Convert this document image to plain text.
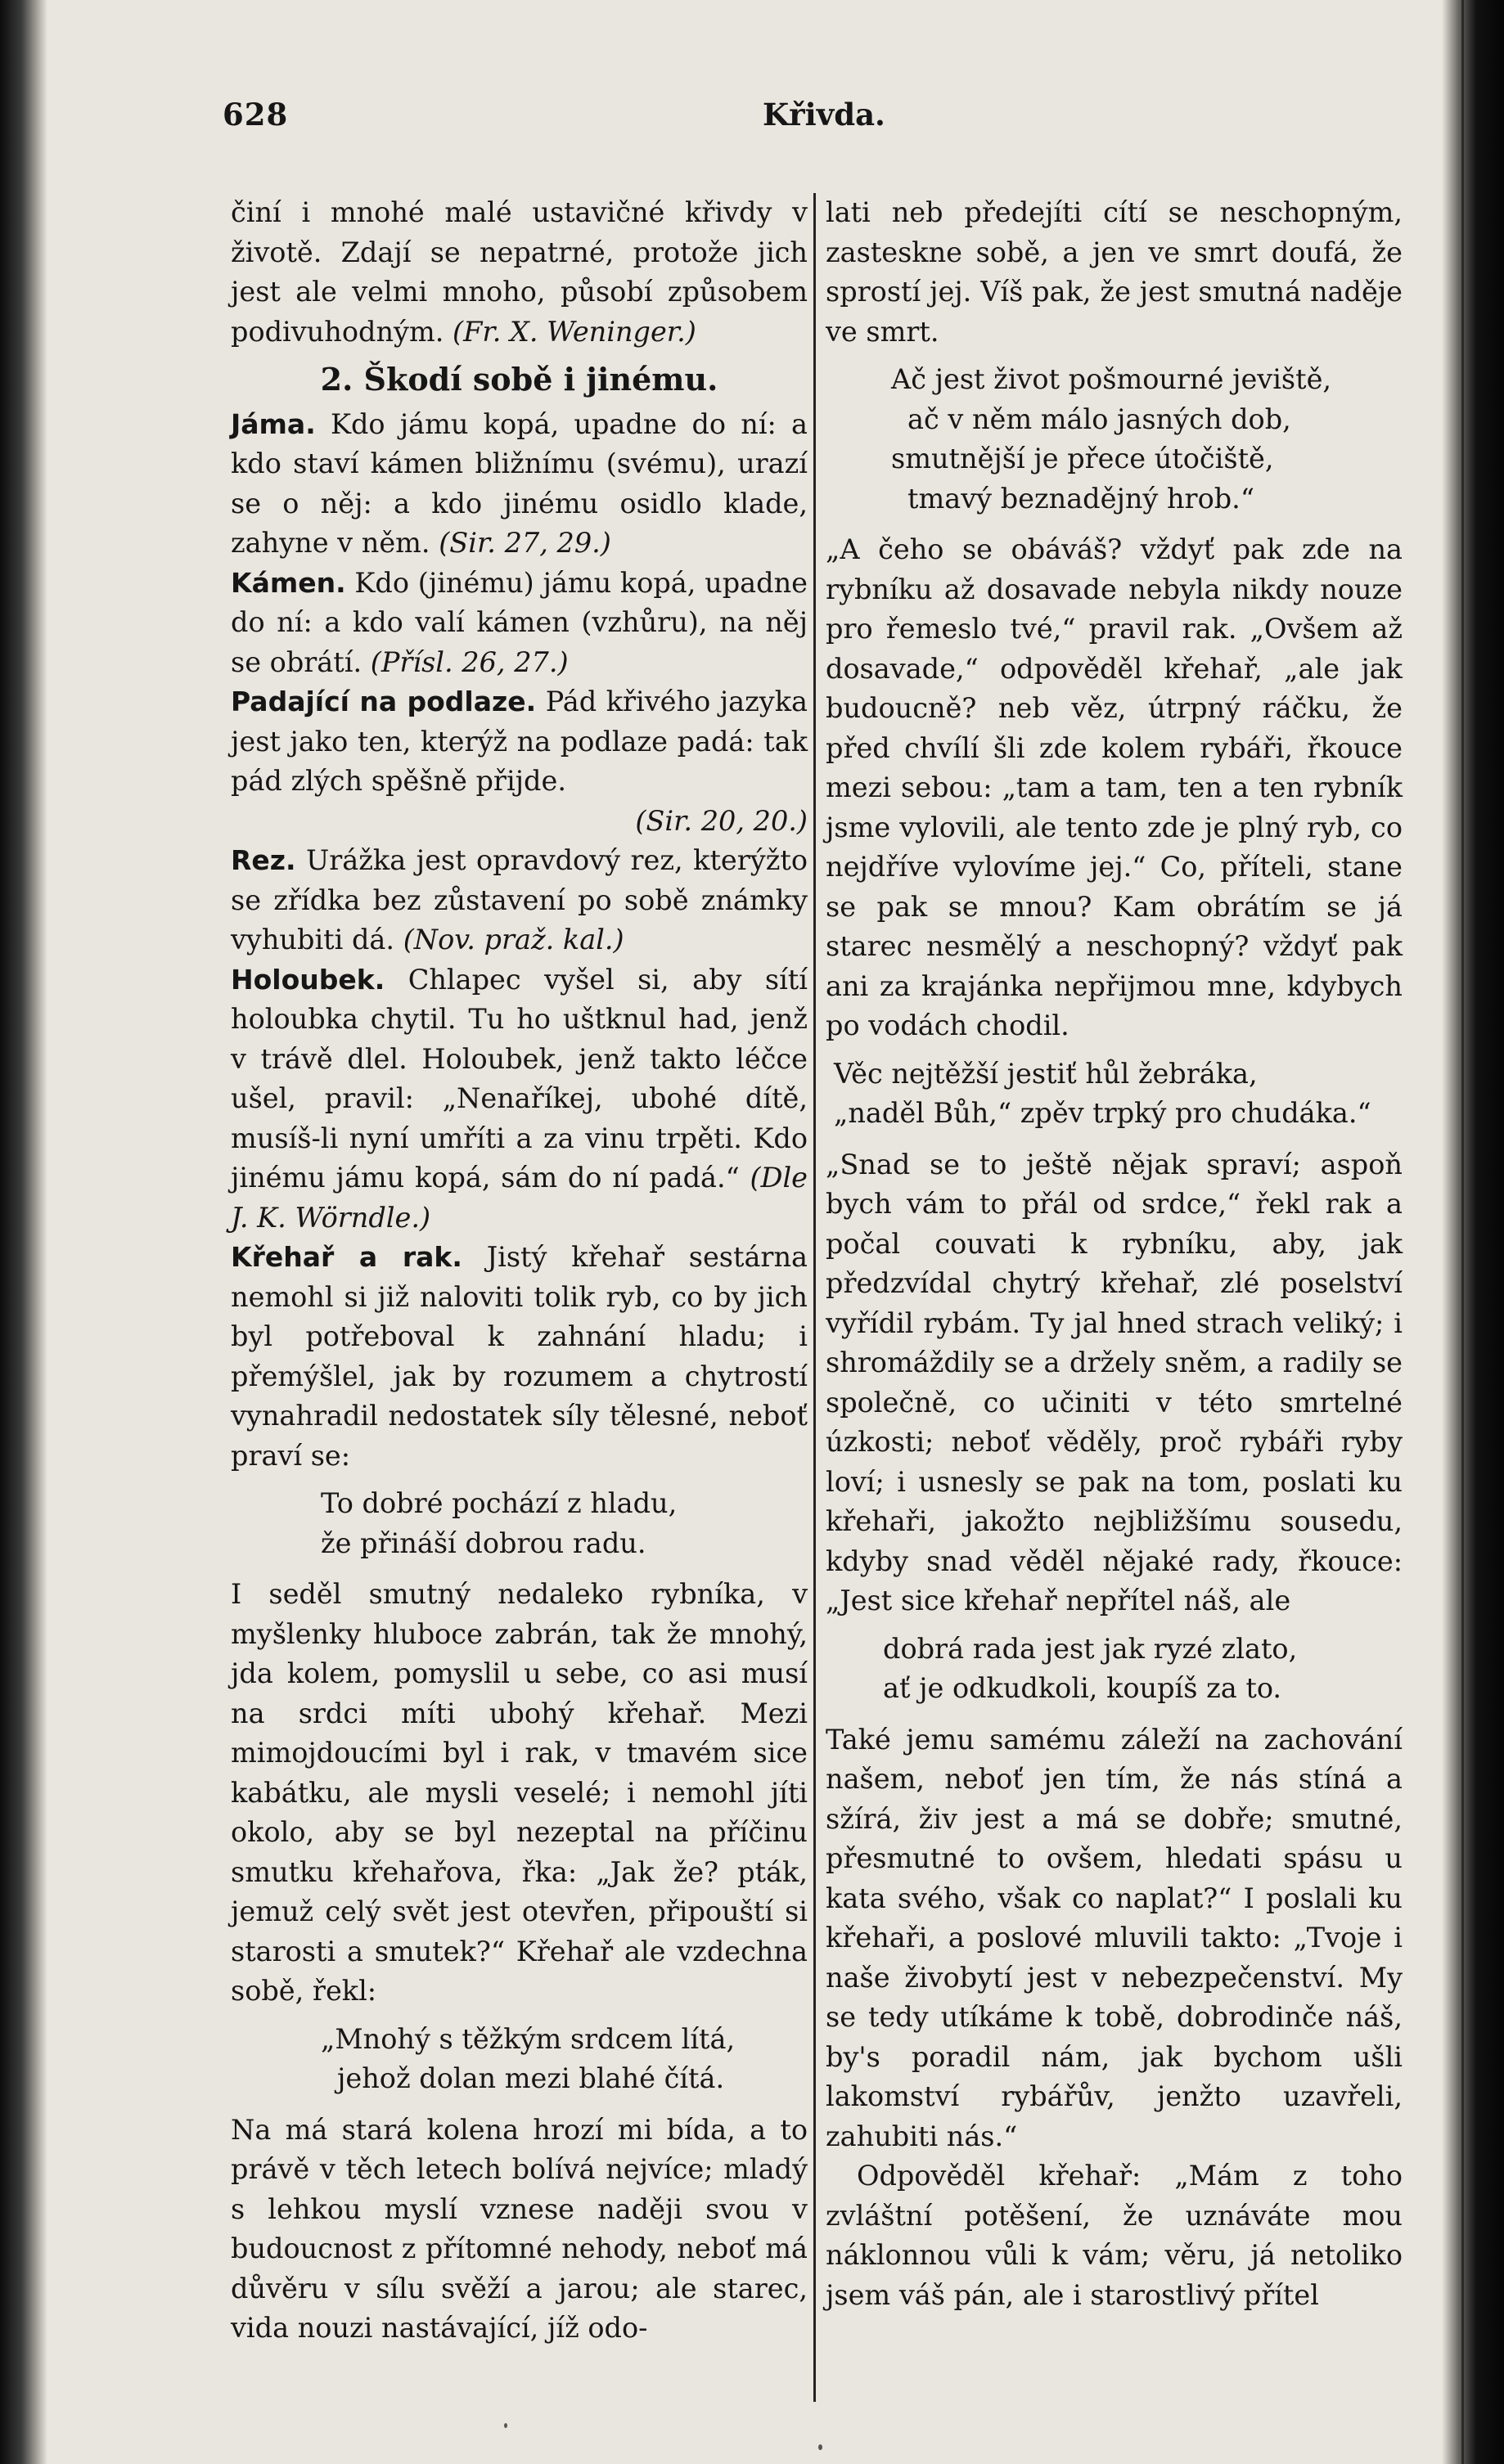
628	Křivda.

činí i mnohé malé ustavičné křivdy v životě. Zdají se nepatrné, protože jich jest ale velmi mnoho, působí způsobem podivuhodným. (Fr. X. Weninger.)

2. Škodí sobě i jinému.

Jáma. Kdo jámu kopá, upadne do ní: a kdo staví kámen bližnímu (svému), urazí se o něj: a kdo jinému osidlo klade, zahyne v něm. (Sir. 27, 29.)

Kámen. Kdo (jinému) jámu kopá, upadne do ní: a kdo valí kámen (vzhůru), na něj se obrátí. (Přísl. 26, 27.)

Padající na podlaze. Pád křivého jazyka jest jako ten, kterýž na podlaze padá: tak pád zlých spěšně přijde.

(Sir. 20, 20.)

Rez. Urážka jest opravdový rez, kterýžto se zřídka bez zůstavení po sobě známky vyhubiti dá. (Nov. praž. kal.)

Holoubek. Chlapec vyšel si, aby sítí holoubka chytil. Tu ho uštknul had, jenž v trávě dlel. Holoubek, jenž takto léčce ušel, pravil: „Nenaříkej, ubohé dítě, musíš-li nyní umříti a za vinu trpěti. Kdo jinému jámu kopá, sám do ní padá.“ (Dle J. K. Wörndle.)

Křehař a rak. Jistý křehař sestárna nemohl si již naloviti tolik ryb, co by jich byl potřeboval k zahnání hladu; i přemýšlel, jak by rozumem a chytrostí vynahradil nedostatek síly tělesné, neboť praví se:

To dobré pochází z hladu,
že přináší dobrou radu.

I seděl smutný nedaleko rybníka, v myšlenky hluboce zabrán, tak že mnohý, jda kolem, pomyslil u sebe, co asi musí na srdci míti ubohý křehař. Mezi mimojdoucími byl i rak, v tmavém sice kabátku, ale mysli veselé; i nemohl jíti okolo, aby se byl nezeptal na příčinu smutku křehařova, řka: „Jak že? pták, jemuž celý svět jest otevřen, připouští si starosti a smutek?“ Křehař ale vzdechna sobě, řekl:

„Mnohý s těžkým srdcem lítá,
jehož dolan mezi blahé čítá.

Na má stará kolena hrozí mi bída, a to právě v těch letech bolívá nejvíce; mladý s lehkou myslí vznese naději svou v budoucnost z přítomné nehody, neboť má důvěru v sílu svěží a jarou; ale starec, vida nouzi nastávající, jíž odo-

lati neb předejíti cítí se neschopným, zasteskne sobě, a jen ve smrt doufá, že sprostí jej. Víš pak, že jest smutná naděje ve smrt.

Ač jest život pošmourné jeviště,
ač v něm málo jasných dob,
smutnější je přece útočiště,
tmavý beznadějný hrob.“

„A čeho se obáváš? vždyť pak zde na rybníku až dosavade nebyla nikdy nouze pro řemeslo tvé,“ pravil rak. „Ovšem až dosavade,“ odpověděl křehař, „ale jak budoucně? neb věz, útrpný ráčku, že před chvílí šli zde kolem rybáři, řkouce mezi sebou: „tam a tam, ten a ten rybník jsme vylovili, ale tento zde je plný ryb, co nejdříve vylovíme jej.“ Co, příteli, stane se pak se mnou? Kam obrátím se já starec nesmělý a neschopný? vždyť pak ani za krajánka nepřijmou mne, kdybych po vodách chodil.

Věc nejtěžší jestiť hůl žebráka,
„naděl Bůh,“ zpěv trpký pro chudáka.“

„Snad se to ještě nějak spraví; aspoň bych vám to přál od srdce,“ řekl rak a počal couvati k rybníku, aby, jak předzvídal chytrý křehař, zlé poselství vyřídil rybám. Ty jal hned strach veliký; i shromáždily se a držely sněm, a radily se společně, co učiniti v této smrtelné úzkosti; neboť věděly, proč rybáři ryby loví; i usnesly se pak na tom, poslati ku křehaři, jakožto nejbližšímu sousedu, kdyby snad věděl nějaké rady, řkouce: „Jest sice křehař nepřítel náš, ale

dobrá rada jest jak ryzé zlato,
ať je odkudkoli, koupíš za to.

Také jemu samému záleží na zachování našem, neboť jen tím, že nás stíná a sžírá, živ jest a má se dobře; smutné, přesmutné to ovšem, hledati spásu u kata svého, však co naplat?“ I poslali ku křehaři, a poslové mluvili takto: „Tvoje i naše živobytí jest v nebezpečenství. My se tedy utíkáme k tobě, dobrodinče náš, by's poradil nám, jak bychom ušli lakomství rybářův, jenžto uzavřeli, zahubiti nás.“

Odpověděl křehař: „Mám z toho zvláštní potěšení, že uznáváte mou náklonnou vůli k vám; věru, já netoliko jsem váš pán, ale i starostlivý přítel
